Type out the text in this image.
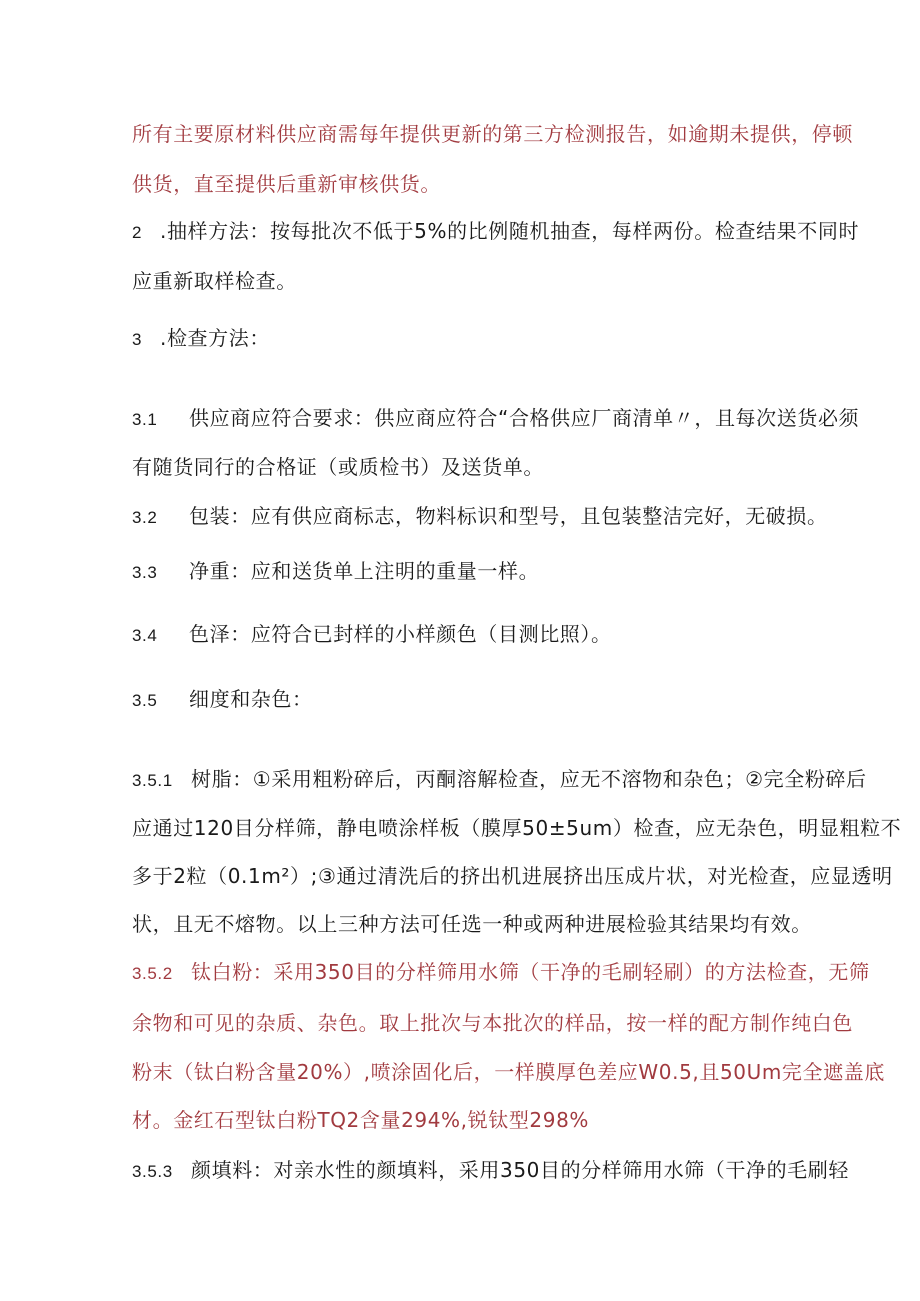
所有主要原材料供应商需每年提供更新的第三方检测报告，如逾期未提供，停顿
供货，直至提供后重新审核供货。
2 .抽样方法：按每批次不低于5%的比例随机抽查，每样两份。检查结果不同时
应重新取样检查。
3 .检查方法：
3.1 供应商应符合要求：供应商应符合“合格供应厂商清单〃，且每次送货必须
有随货同行的合格证（或质检书）及送货单。
3.2 包装：应有供应商标志，物料标识和型号，且包装整洁完好，无破损。
3.3 净重：应和送货单上注明的重量一样。
3.4 色泽：应符合已封样的小样颜色（目测比照）。
3.5 细度和杂色：
3.5.1 树脂：①采用粗粉碎后，丙酮溶解检查，应无不溶物和杂色；②完全粉碎后
应通过120目分样筛，静电喷涂样板（膜厚50±5um）检查，应无杂色，明显粗粒不
多于2粒（0.1m²）;③通过清洗后的挤出机进展挤出压成片状，对光检查，应显透明
状，且无不熔物。以上三种方法可任选一种或两种进展检验其结果均有效。
3.5.2 钛白粉：采用350目的分样筛用水筛（干净的毛刷轻刷）的方法检查，无筛
余物和可见的杂质、杂色。取上批次与本批次的样品，按一样的配方制作纯白色
粉末（钛白粉含量20%）,喷涂固化后，一样膜厚色差应W0.5,且50Um完全遮盖底
材。金红石型钛白粉TQ2含量294%,锐钛型298%
3.5.3 颜填料：对亲水性的颜填料，采用350目的分样筛用水筛（干净的毛刷轻
